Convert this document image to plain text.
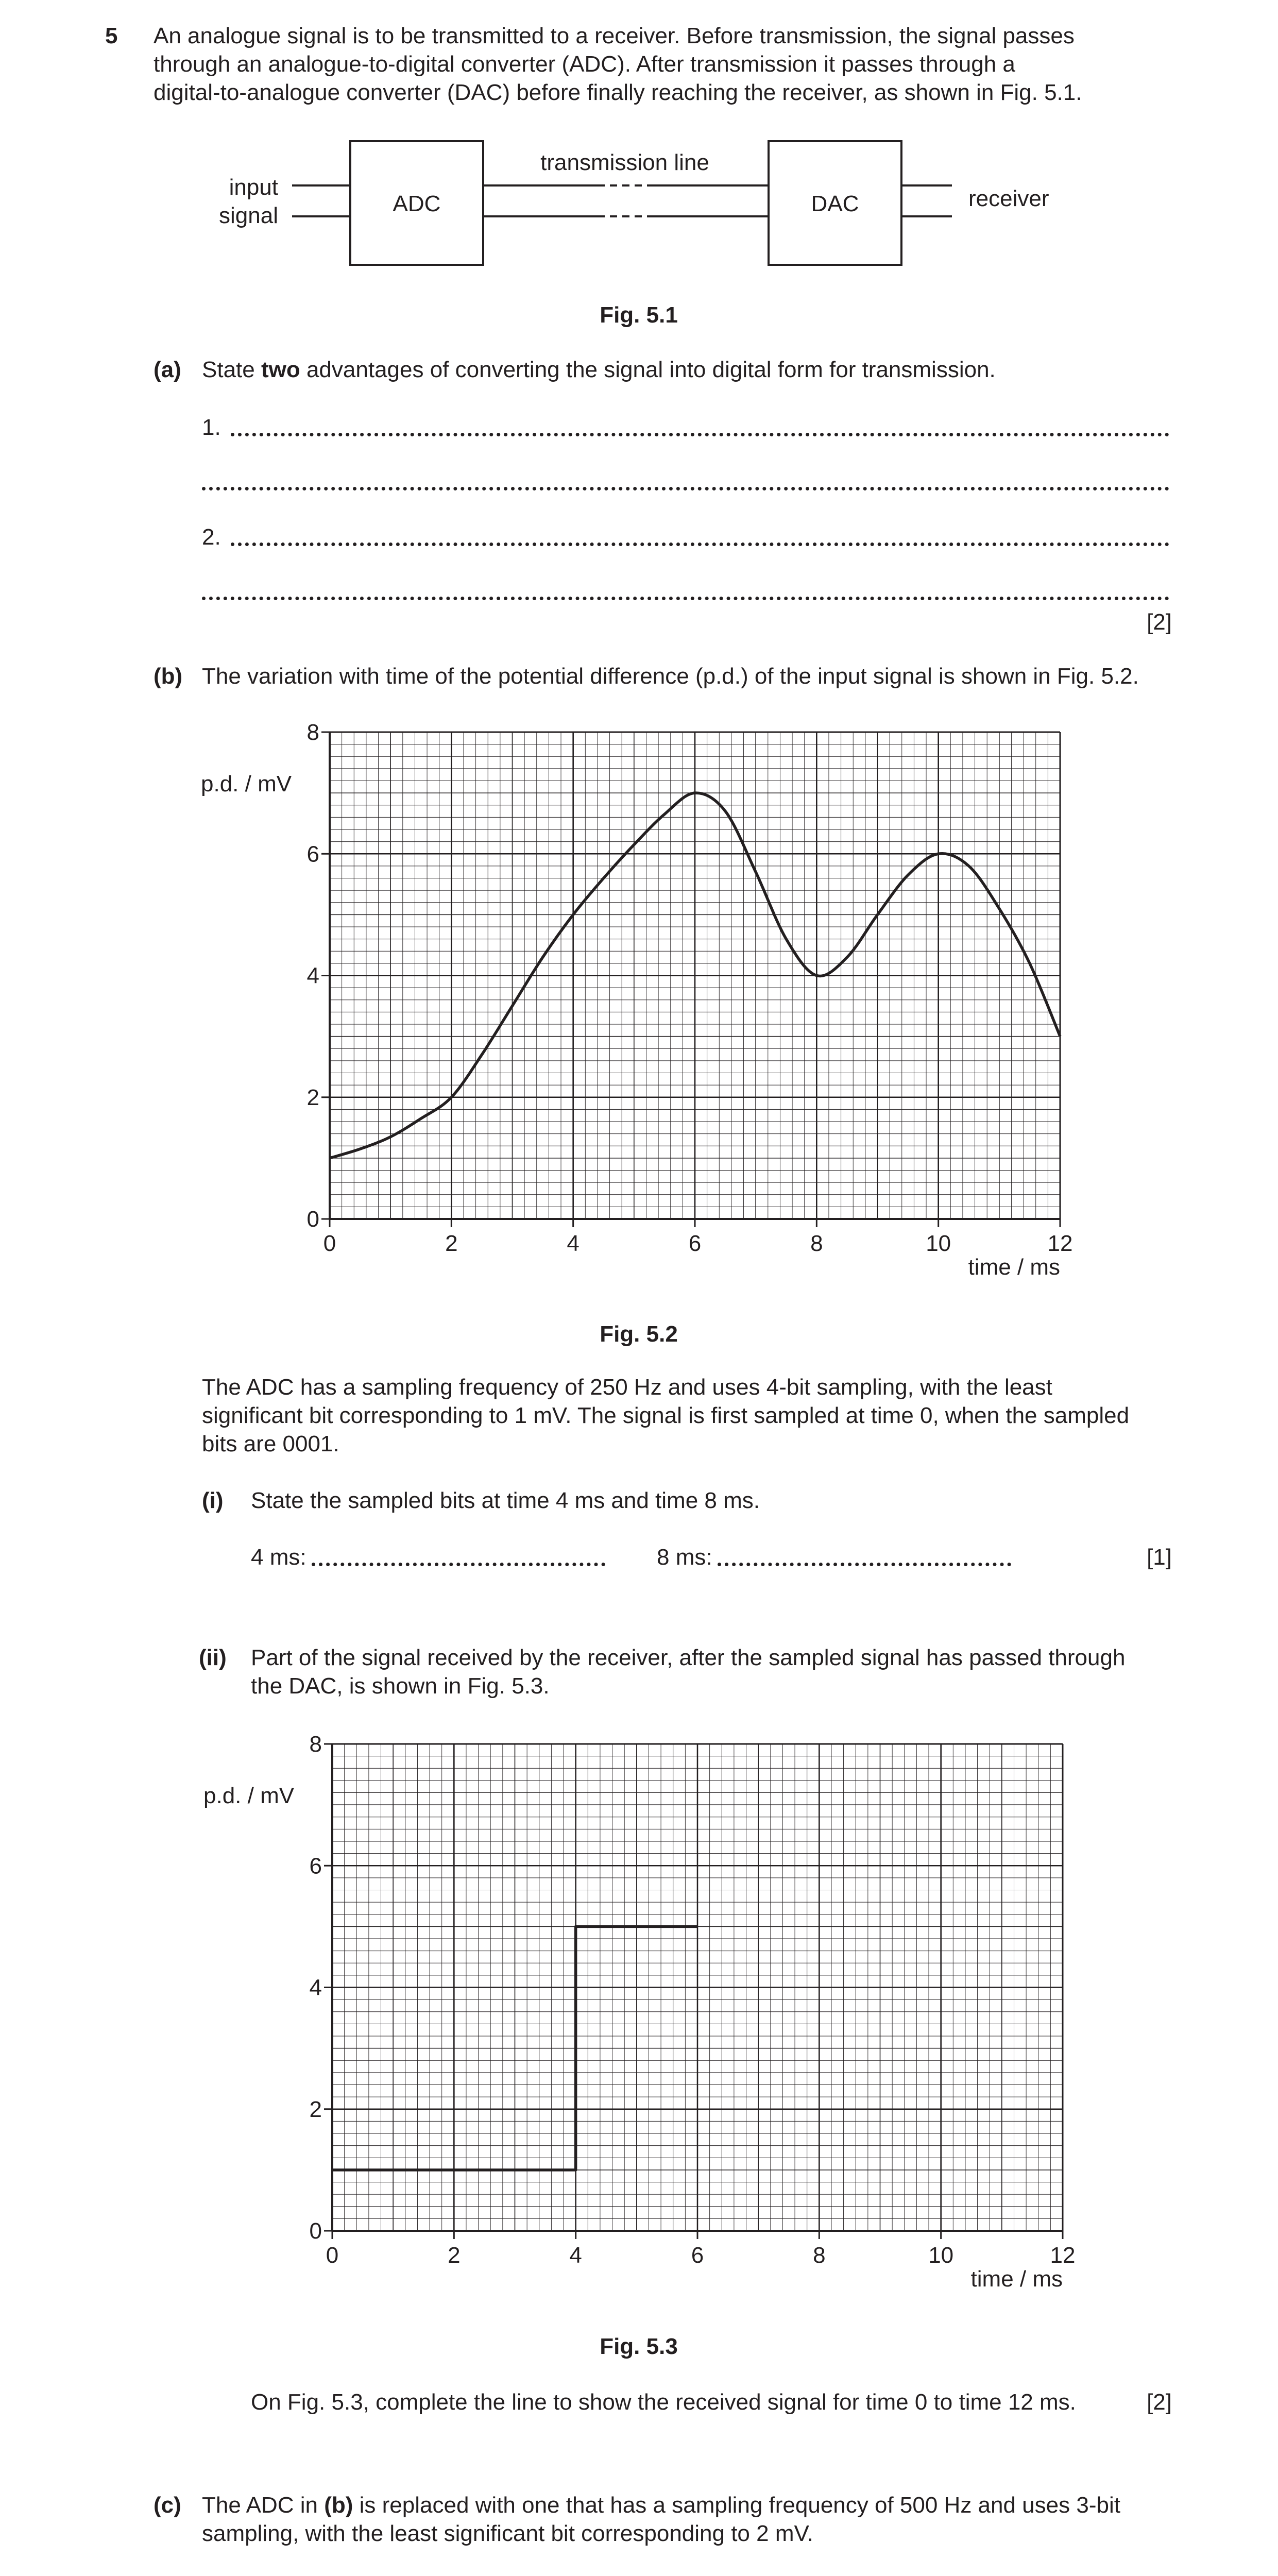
5 An analogue signal is to be transmitted to a receiver. Before transmission, the signal passes
through an analogue-to-digital converter (ADC). After transmission it passes through a
digital-to-analogue converter (DAC) before finally reaching the receiver, as shown in Fig. 5.1.
input
signal	ADC	DAC
transmission line
receiver
Fig. 5.1
(a) State two advantages of converting the signal into digital form for transmission.
1.
2.
[2]
(b) The variation with time of the potential difference (p.d.) of the input signal is shown in Fig. 5.2.
0	2	4	6	8	10	12
0
2
4
6
8
p.d. / mV
time / ms
Fig. 5.2
The ADC has a sampling frequency of 250 Hz and uses 4-bit sampling, with the least
significant bit corresponding to 1 mV. The signal is first sampled at time 0, when the sampled
bits are 0001.
(i) State the sampled bits at time 4 ms and time 8 ms.
4 ms:	8 ms:	[1]
(ii) Part of the signal received by the receiver, after the sampled signal has passed through
the DAC, is shown in Fig. 5.3.
0	2	4	6	8	10	12
0
2
4
6
8
p.d. / mV
time / ms
Fig. 5.3
On Fig. 5.3, complete the line to show the received signal for time 0 to time 12 ms.	[2]
(c) The ADC in (b) is replaced with one that has a sampling frequency of 500 Hz and uses 3-bit
sampling, with the least significant bit corresponding to 2 mV.
